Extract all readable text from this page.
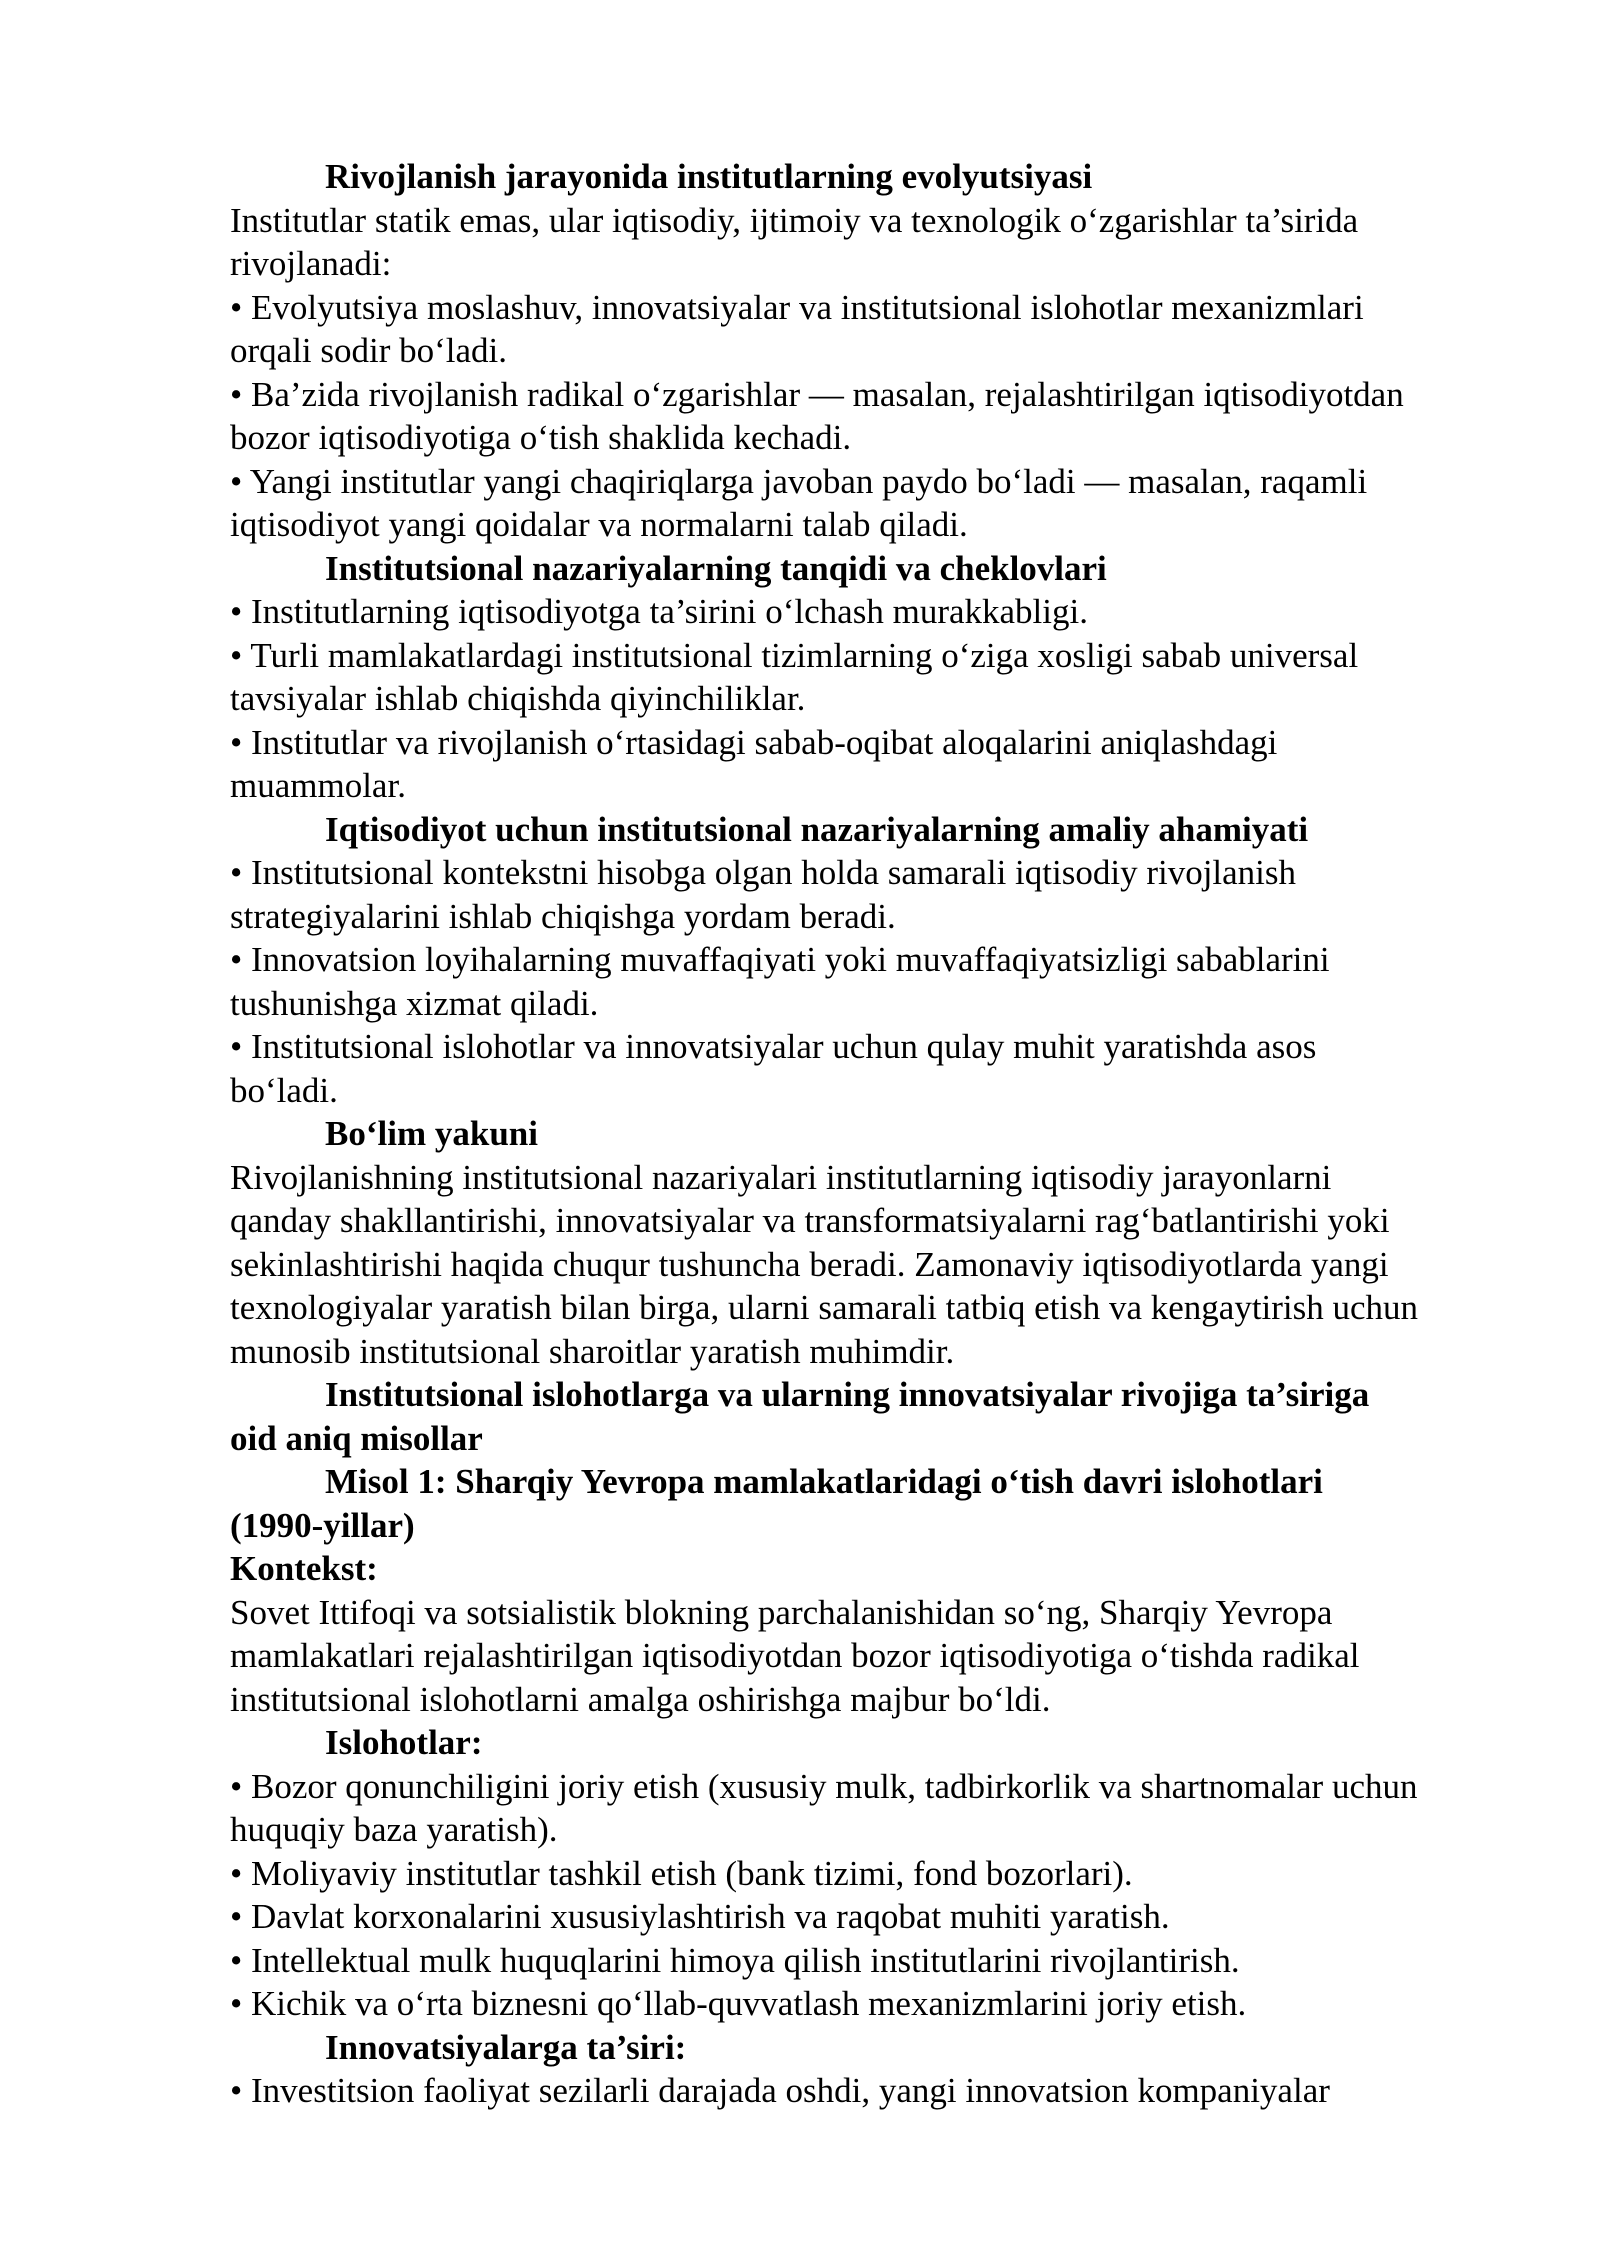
Rivojlanish jarayonida institutlarning evolyutsiyasi
Institutlar statik emas, ular iqtisodiy, ijtimoiy va texnologik o‘zgarishlar ta’sirida
rivojlanadi:
• Evolyutsiya moslashuv, innovatsiyalar va institutsional islohotlar mexanizmlari
orqali sodir bo‘ladi.
• Ba’zida rivojlanish radikal o‘zgarishlar — masalan, rejalashtirilgan iqtisodiyotdan
bozor iqtisodiyotiga o‘tish shaklida kechadi.
• Yangi institutlar yangi chaqiriqlarga javoban paydo bo‘ladi — masalan, raqamli
iqtisodiyot yangi qoidalar va normalarni talab qiladi.
Institutsional nazariyalarning tanqidi va cheklovlari
• Institutlarning iqtisodiyotga ta’sirini o‘lchash murakkabligi.
• Turli mamlakatlardagi institutsional tizimlarning o‘ziga xosligi sabab universal
tavsiyalar ishlab chiqishda qiyinchiliklar.
• Institutlar va rivojlanish o‘rtasidagi sabab-oqibat aloqalarini aniqlashdagi
muammolar.
Iqtisodiyot uchun institutsional nazariyalarning amaliy ahamiyati
• Institutsional kontekstni hisobga olgan holda samarali iqtisodiy rivojlanish
strategiyalarini ishlab chiqishga yordam beradi.
• Innovatsion loyihalarning muvaffaqiyati yoki muvaffaqiyatsizligi sabablarini
tushunishga xizmat qiladi.
• Institutsional islohotlar va innovatsiyalar uchun qulay muhit yaratishda asos
bo‘ladi.
Bo‘lim yakuni
Rivojlanishning institutsional nazariyalari institutlarning iqtisodiy jarayonlarni
qanday shakllantirishi, innovatsiyalar va transformatsiyalarni rag‘batlantirishi yoki
sekinlashtirishi haqida chuqur tushuncha beradi. Zamonaviy iqtisodiyotlarda yangi
texnologiyalar yaratish bilan birga, ularni samarali tatbiq etish va kengaytirish uchun
munosib institutsional sharoitlar yaratish muhimdir.
Institutsional islohotlarga va ularning innovatsiyalar rivojiga ta’siriga
oid aniq misollar
Misol 1: Sharqiy Yevropa mamlakatlaridagi o‘tish davri islohotlari
(1990-yillar)
Kontekst:
Sovet Ittifoqi va sotsialistik blokning parchalanishidan so‘ng, Sharqiy Yevropa
mamlakatlari rejalashtirilgan iqtisodiyotdan bozor iqtisodiyotiga o‘tishda radikal
institutsional islohotlarni amalga oshirishga majbur bo‘ldi.
Islohotlar:
• Bozor qonunchiligini joriy etish (xususiy mulk, tadbirkorlik va shartnomalar uchun
huquqiy baza yaratish).
• Moliyaviy institutlar tashkil etish (bank tizimi, fond bozorlari).
• Davlat korxonalarini xususiylashtirish va raqobat muhiti yaratish.
• Intellektual mulk huquqlarini himoya qilish institutlarini rivojlantirish.
• Kichik va o‘rta biznesni qo‘llab-quvvatlash mexanizmlarini joriy etish.
Innovatsiyalarga ta’siri:
• Investitsion faoliyat sezilarli darajada oshdi, yangi innovatsion kompaniyalar
